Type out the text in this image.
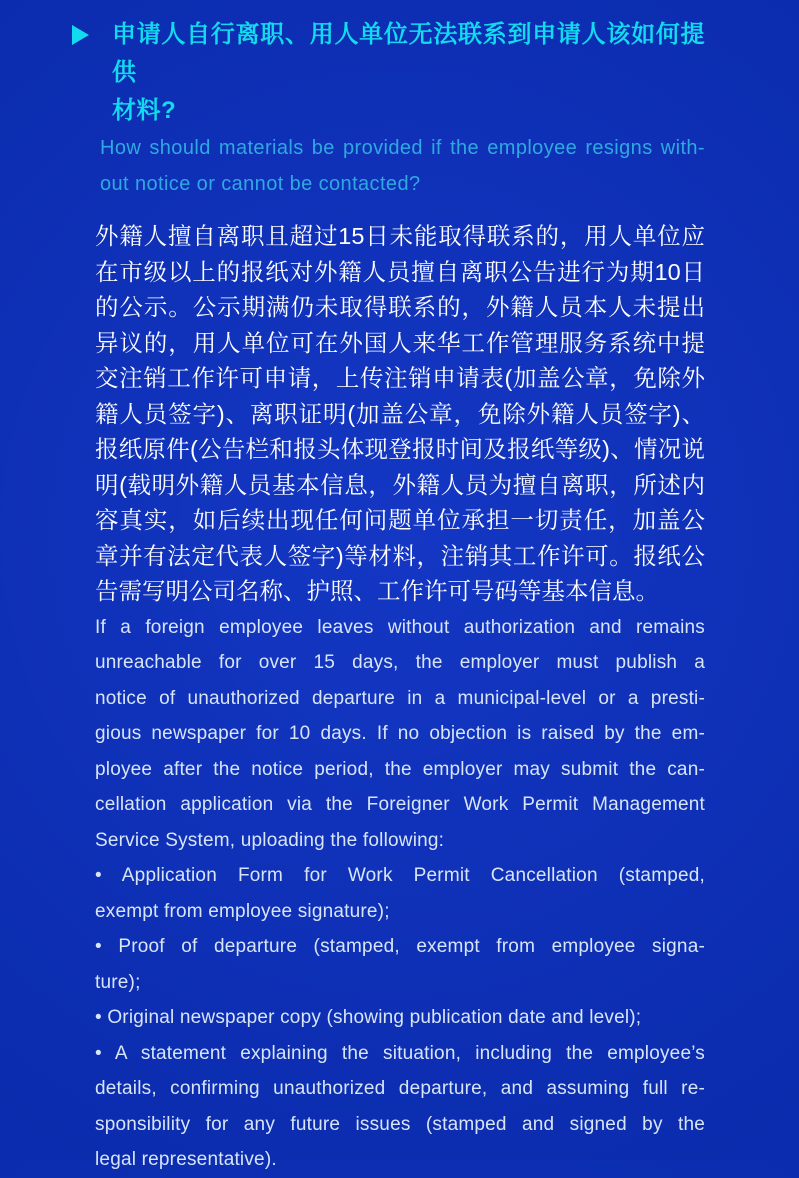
申请人自行离职、用人单位无法联系到申请人该如何提供
材料?
How should materials be provided if the employee resigns with-
out notice or cannot be contacted?
外籍人擅自离职且超过15日未能取得联系的，用人单位应
在市级以上的报纸对外籍人员擅自离职公告进行为期10日
的公示。公示期满仍未取得联系的，外籍人员本人未提出
异议的，用人单位可在外国人来华工作管理服务系统中提
交注销工作许可申请，上传注销申请表(加盖公章，免除外
籍人员签字)、离职证明(加盖公章，免除外籍人员签字)、
报纸原件(公告栏和报头体现登报时间及报纸等级)、情况说
明(载明外籍人员基本信息，外籍人员为擅自离职，所述内
容真实，如后续出现任何问题单位承担一切责任，加盖公
章并有法定代表人签字)等材料，注销其工作许可。报纸公
告需写明公司名称、护照、工作许可号码等基本信息。
If a foreign employee leaves without authorization and remains
unreachable for over 15 days, the employer must publish a
notice of unauthorized departure in a municipal-level or a presti-
gious newspaper for 10 days. If no objection is raised by the em-
ployee after the notice period, the employer may submit the can-
cellation application via the Foreigner Work Permit Management
Service System, uploading the following:
• Application Form for Work Permit Cancellation (stamped,
exempt from employee signature);
• Proof of departure (stamped, exempt from employee signa-
ture);
• Original newspaper copy (showing publication date and level);
• A statement explaining the situation, including the employee’s
details, confirming unauthorized departure, and assuming full re-
sponsibility for any future issues (stamped and signed by the
legal representative).
